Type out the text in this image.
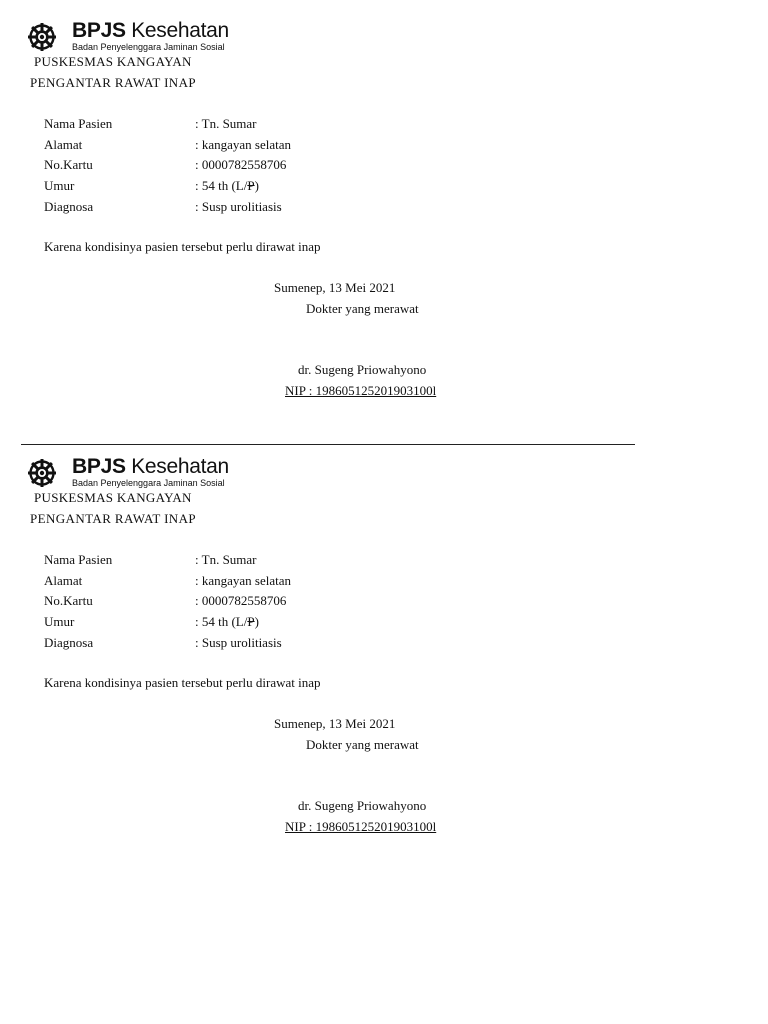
BPJS Kesehatan
Badan Penyelenggara Jaminan Sosial
PUSKESMAS KANGAYAN
PENGANTAR RAWAT INAP
Nama Pasien	: Tn. Sumar
Alamat	: kangayan selatan
No.Kartu	: 0000782558706
Umur	: 54 th (L/P)
Diagnosa	: Susp urolitiasis
Karena kondisinya pasien tersebut perlu dirawat inap
Sumenep, 13 Mei 2021
Dokter yang merawat
dr. Sugeng Priowahyono
NIP : 198605125201903100l
BPJS Kesehatan
Badan Penyelenggara Jaminan Sosial
PUSKESMAS KANGAYAN
PENGANTAR RAWAT INAP
Nama Pasien	: Tn. Sumar
Alamat	: kangayan selatan
No.Kartu	: 0000782558706
Umur	: 54 th (L/P)
Diagnosa	: Susp urolitiasis
Karena kondisinya pasien tersebut perlu dirawat inap
Sumenep, 13 Mei 2021
Dokter yang merawat
dr. Sugeng Priowahyono
NIP : 198605125201903100l
